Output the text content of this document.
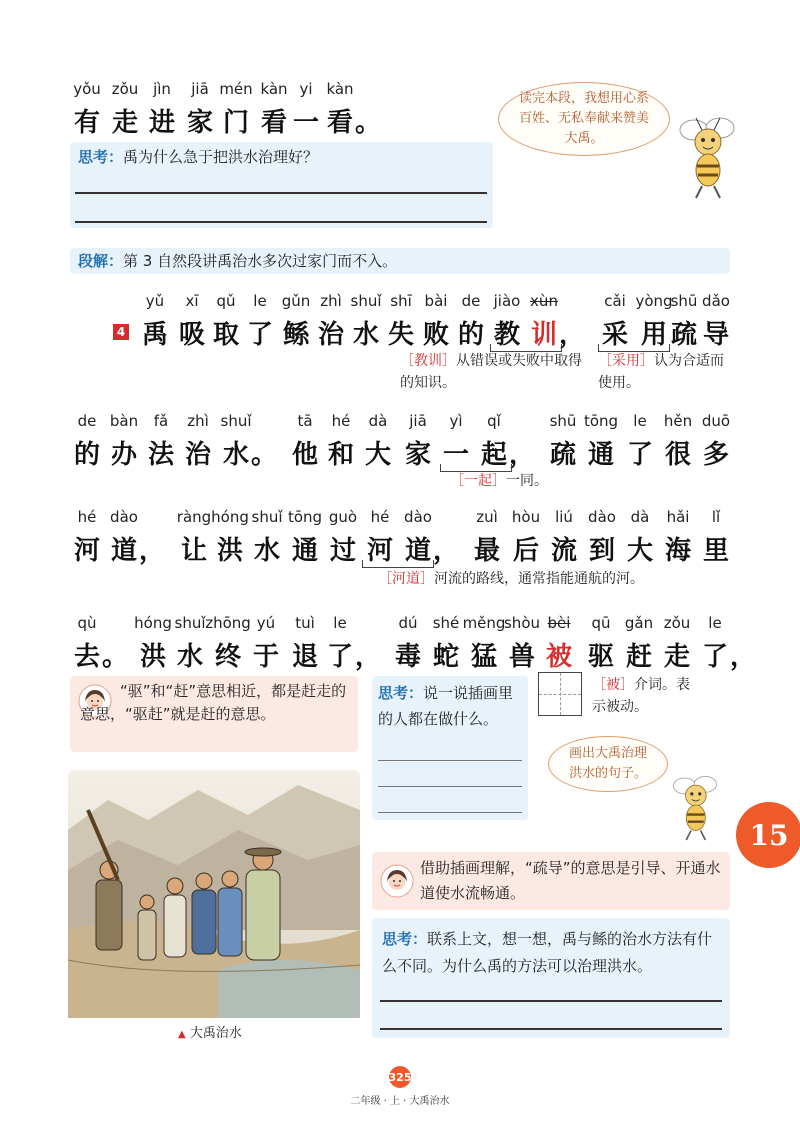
yǒu zǒu jìn jiā mén kàn yi kàn
有 走 进 家 门 看 一 看 。
读完本段，我想用心系百姓、无私奉献来赞美大禹。
思考：禹为什么急于把洪水治理好？
段解：第 3 自然段讲禹治水多次过家门而不入。
4
yǔ xī qǔ le gǔn zhì shuǐ shī bài de jiào xùn	cǎi yòng
shū dǎo
禹 吸 取 了 鲧 治 水 失 败 的 教 训 ， 采 用 疏 导
［教训］从错误或失败中取得的知识。
［采用］认为合适而使用。
de bàn fǎ zhì shuǐ	tā hé dà jiā yì qǐ	shū tōng le hěn duō
的 办 法 治 水 。 他 和 大 家 一 起 ， 疏 通 了 很 多
［一起］一同。
hé dào	ràng hóng shuǐ tōng guò hé dào	zuì hòu liú dào dà hǎi lǐ
河 道 ， 让 洪 水 通 过 河 道 ， 最 后 流 到 大 海 里
［河道］河流的路线，通常指能通航的河。
qù	hóng shuǐ zhōng yú tuì le	dú shé měng
shòu bèi qū gǎn zǒu le
去 。 洪 水 终 于 退 了 ， 毒 蛇 猛 兽 被 驱 赶 走 了 ，
“驱”和“赶”意思相近，都是赶走的意思，“驱赶”就是赶的意思。
思考：说一说插画里的人都在做什么。
［被］介词。表示被动。
画出大禹治理洪水的句子。
15
▲ 大禹治水
借助插画理解，“疏导”的意思是引导、开通水道使水流畅通。
思考：联系上文，想一想，禹与鲧的治水方法有什么不同。为什么禹的方法可以治理洪水。
325
二年级 · 上 · 大禹治水
